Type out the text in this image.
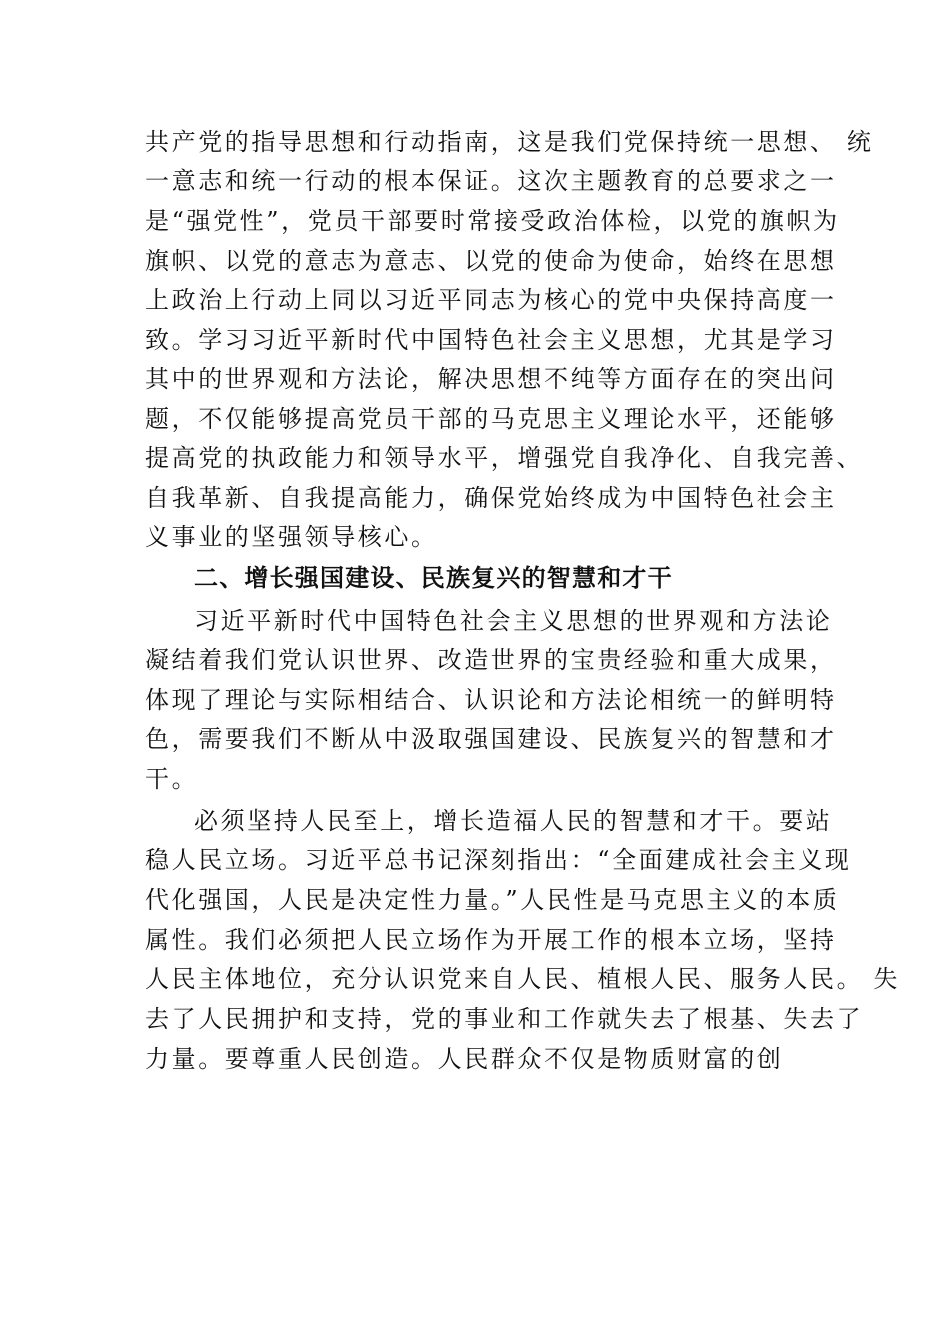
共产党的指导思想和行动指南，这是我们党保持统一思想、 统
一意志和统一行动的根本保证。这次主题教育的总要求之一
是“强党性”，党员干部要时常接受政治体检，以党的旗帜为
旗帜、以党的意志为意志、以党的使命为使命，始终在思想
上政治上行动上同以习近平同志为核心的党中央保持高度一
致。学习习近平新时代中国特色社会主义思想，尤其是学习
其中的世界观和方法论，解决思想不纯等方面存在的突出问
题，不仅能够提高党员干部的马克思主义理论水平，还能够
提高党的执政能力和领导水平，增强党自我净化、自我完善、
自我革新、自我提高能力，确保党始终成为中国特色社会主
义事业的坚强领导核心。
二、增长强国建设、民族复兴的智慧和才干
习近平新时代中国特色社会主义思想的世界观和方法论
凝结着我们党认识世界、改造世界的宝贵经验和重大成果，
体现了理论与实际相结合、认识论和方法论相统一的鲜明特
色，需要我们不断从中汲取强国建设、民族复兴的智慧和才
干。
必须坚持人民至上，增长造福人民的智慧和才干。要站
稳人民立场。习近平总书记深刻指出：“全面建成社会主义现
代化强国，人民是决定性力量。”人民性是马克思主义的本质
属性。我们必须把人民立场作为开展工作的根本立场，坚持
人民主体地位，充分认识党来自人民、植根人民、服务人民。 失
去了人民拥护和支持，党的事业和工作就失去了根基、失去了
力量。要尊重人民创造。人民群众不仅是物质财富的创
